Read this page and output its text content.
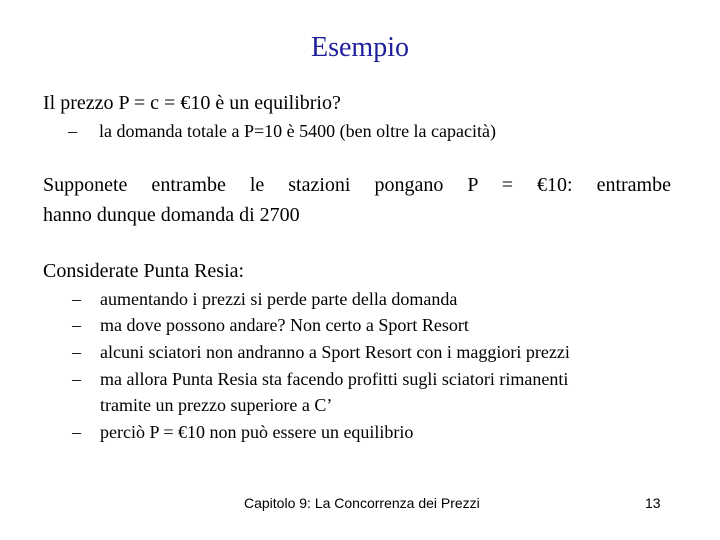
Esempio
Il prezzo P = c = €10 è un equilibrio?
–	la domanda totale a P=10 è 5400 (ben oltre la capacità)
Supponete entrambe le stazioni pongano P = €10: entrambe
hanno dunque domanda di 2700
Considerate Punta Resia:
–	aumentando i prezzi si perde parte della domanda
–	ma dove possono andare? Non certo a Sport Resort
–	alcuni sciatori non andranno a Sport Resort con i maggiori prezzi
–	ma allora Punta Resia sta facendo profitti sugli sciatori rimanenti
tramite un prezzo superiore a C’
–	perciò P = €10 non può essere un equilibrio
Capitolo 9: La Concorrenza dei Prezzi	13
